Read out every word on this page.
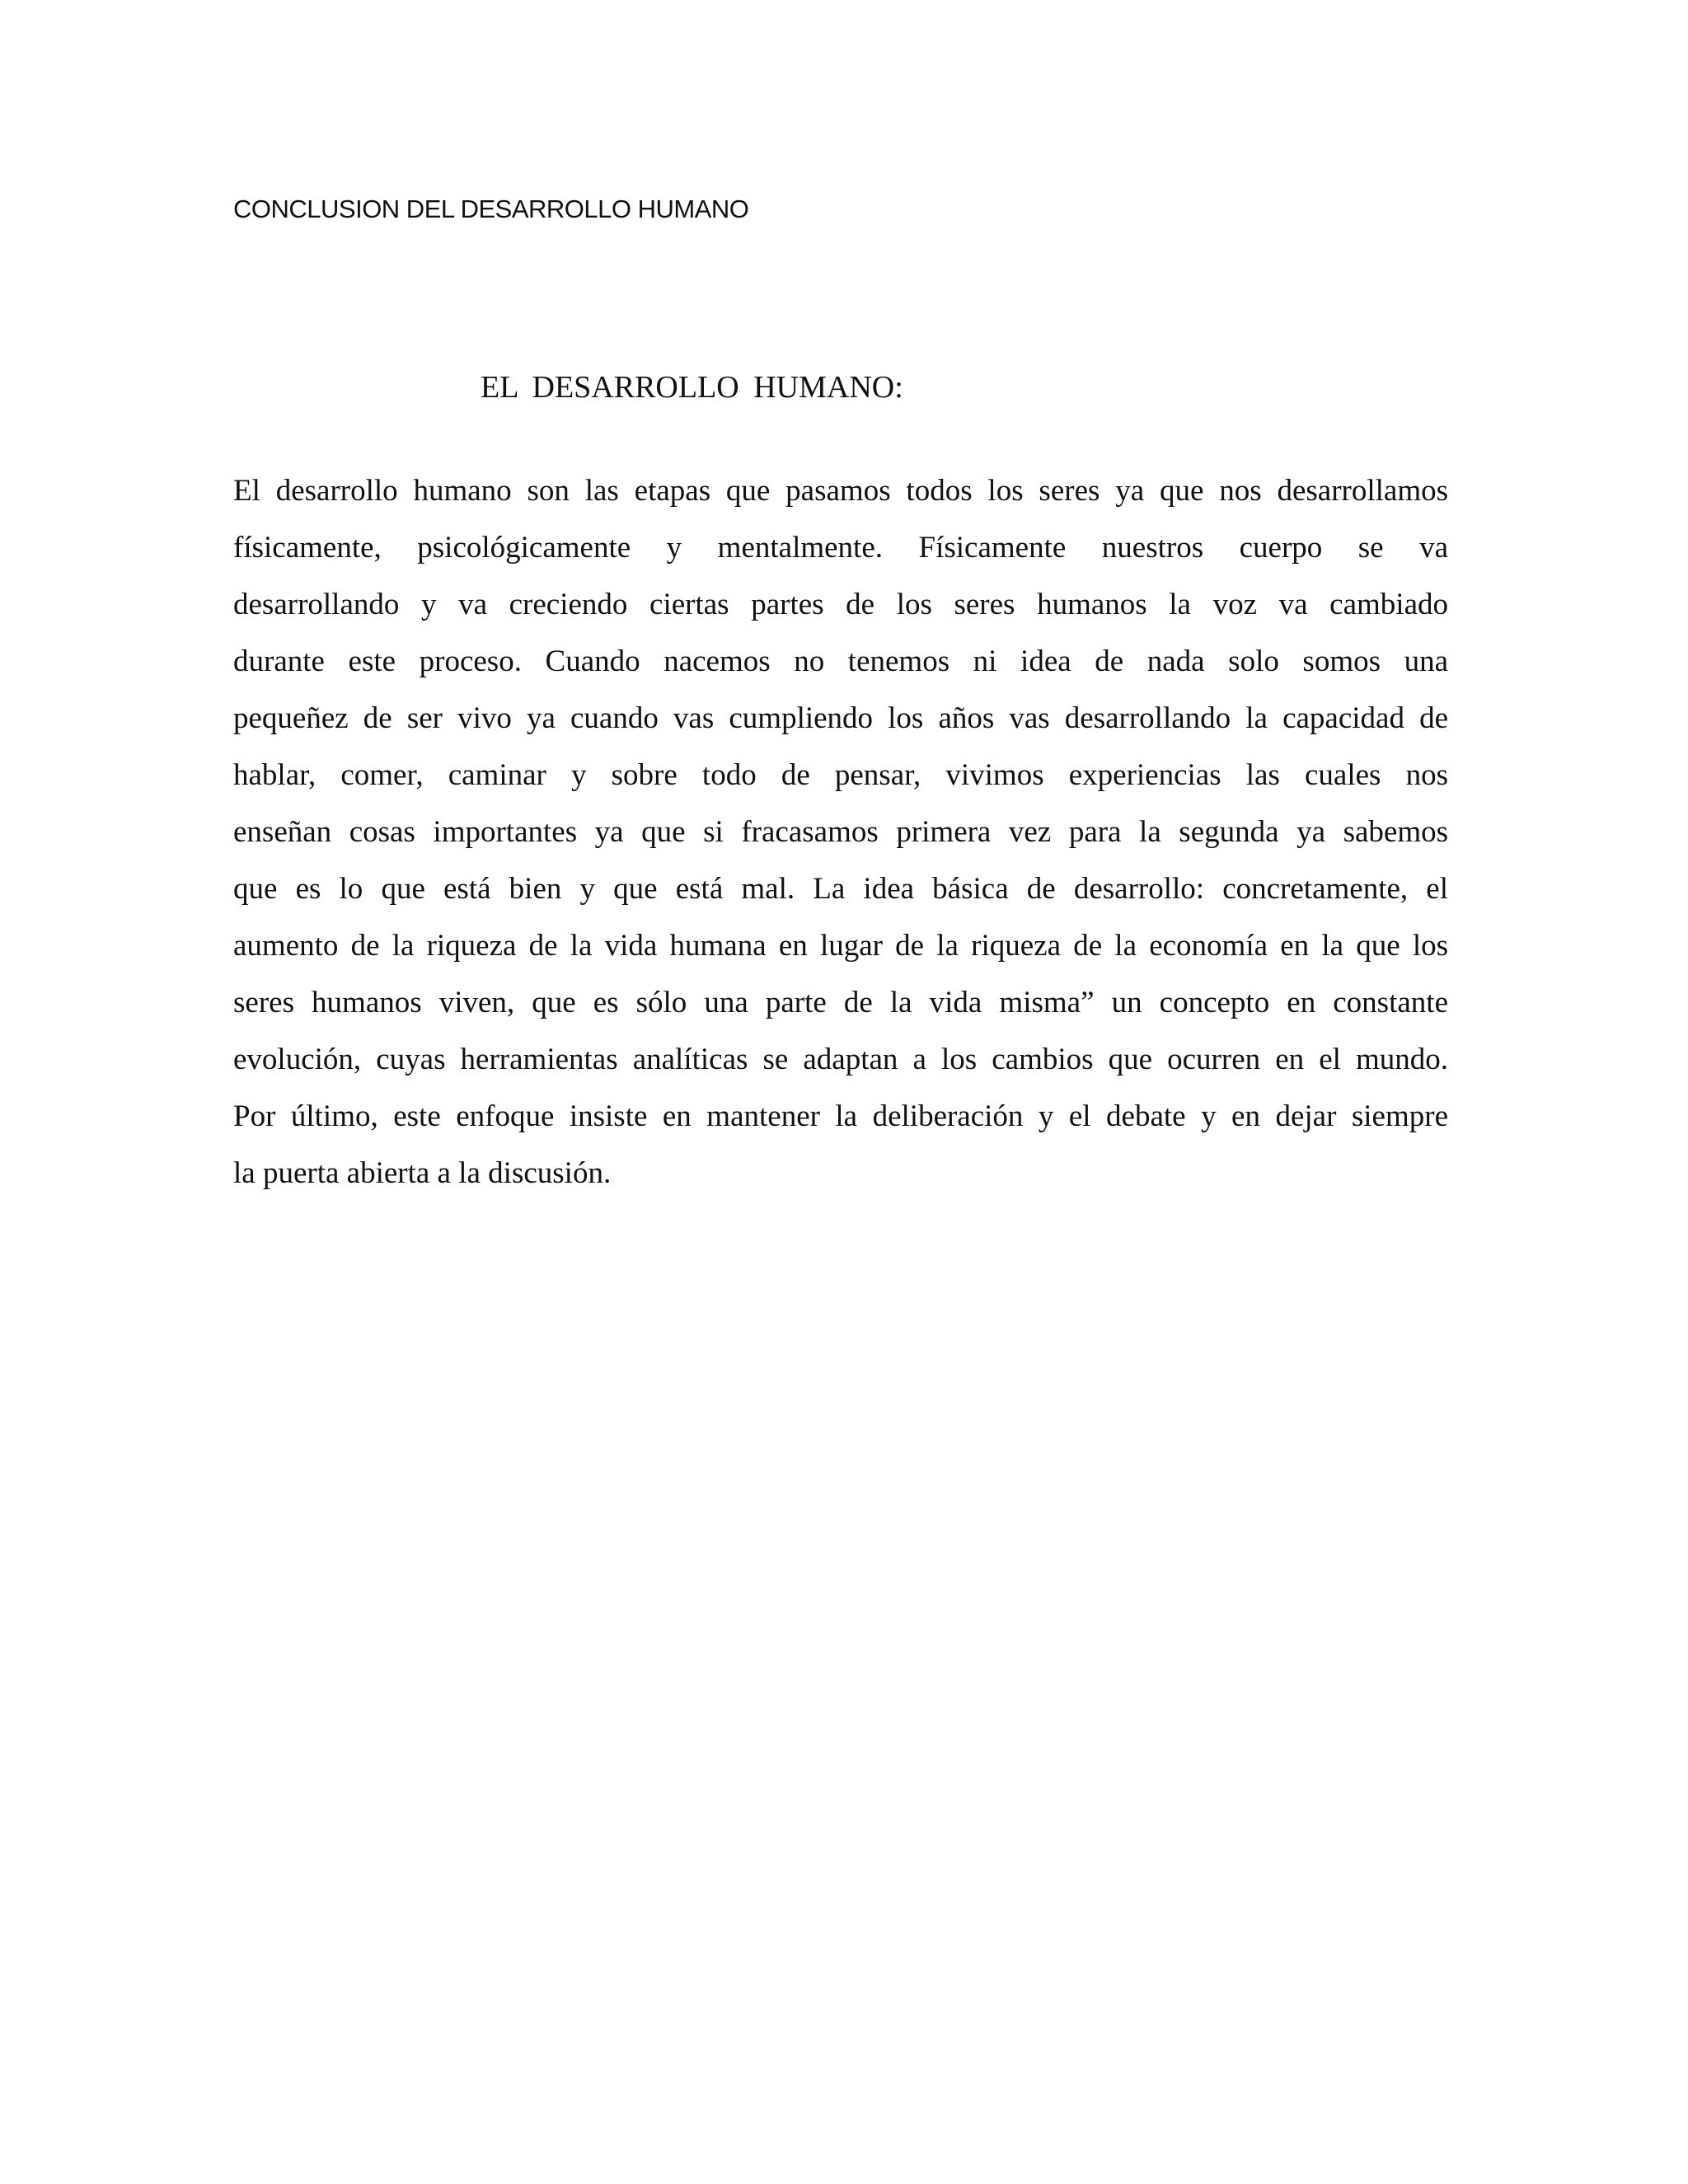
CONCLUSION DEL DESARROLLO HUMANO
EL DESARROLLO HUMANO:
El desarrollo humano son las etapas que pasamos todos los seres ya que nos desarrollamos
físicamente, psicológicamente y mentalmente. Físicamente nuestros cuerpo se va
desarrollando y va creciendo ciertas partes de los seres humanos la voz va cambiado
durante este proceso. Cuando nacemos no tenemos ni idea de nada solo somos una
pequeñez de ser vivo ya cuando vas cumpliendo los años vas desarrollando la capacidad de
hablar, comer, caminar y sobre todo de pensar, vivimos experiencias las cuales nos
enseñan cosas importantes ya que si fracasamos primera vez para la segunda ya sabemos
que es lo que está bien y que está mal. La idea básica de desarrollo: concretamente, el
aumento de la riqueza de la vida humana en lugar de la riqueza de la economía en la que los
seres humanos viven, que es sólo una parte de la vida misma” un concepto en constante
evolución, cuyas herramientas analíticas se adaptan a los cambios que ocurren en el mundo.
Por último, este enfoque insiste en mantener la deliberación y el debate y en dejar siempre
la puerta abierta a la discusión.
